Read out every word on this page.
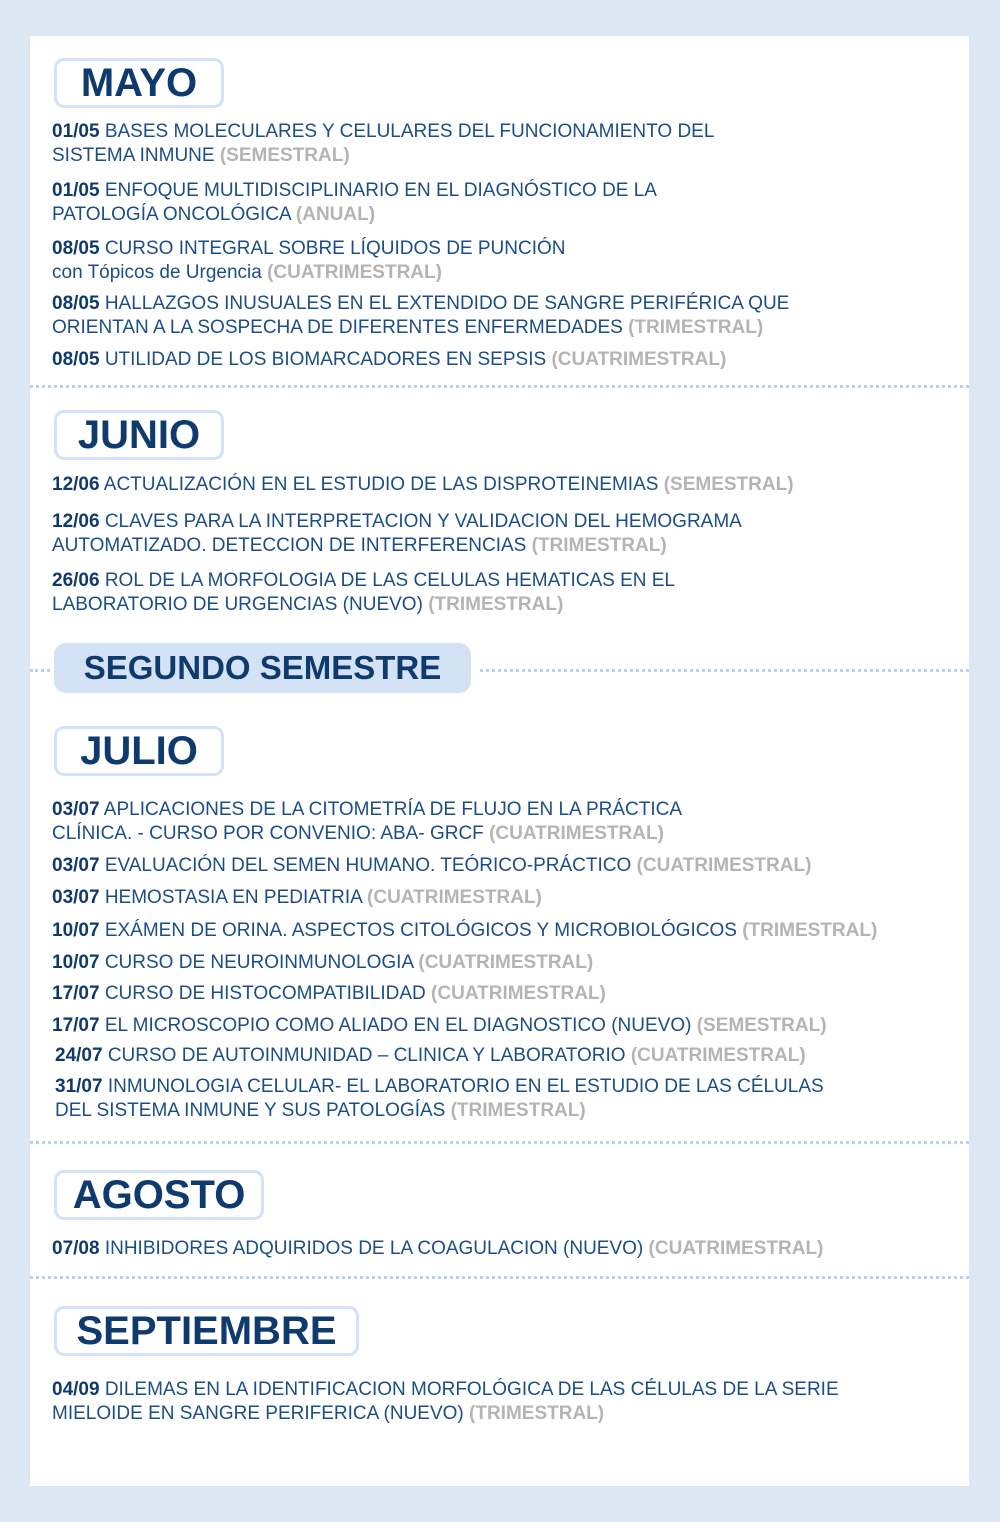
MAYO
01/05 BASES MOLECULARES Y CELULARES DEL FUNCIONAMIENTO DEL
SISTEMA INMUNE (SEMESTRAL)
01/05 ENFOQUE MULTIDISCIPLINARIO EN EL DIAGNÓSTICO DE LA
PATOLOGÍA ONCOLÓGICA (ANUAL)
08/05 CURSO INTEGRAL SOBRE LÍQUIDOS DE PUNCIÓN
con Tópicos de Urgencia (CUATRIMESTRAL)
08/05 HALLAZGOS INUSUALES EN EL EXTENDIDO DE SANGRE PERIFÉRICA QUE
ORIENTAN A LA SOSPECHA DE DIFERENTES ENFERMEDADES (TRIMESTRAL)
08/05 UTILIDAD DE LOS BIOMARCADORES EN SEPSIS (CUATRIMESTRAL)
JUNIO
12/06 ACTUALIZACIÓN EN EL ESTUDIO DE LAS DISPROTEINEMIAS (SEMESTRAL)
12/06 CLAVES PARA LA INTERPRETACION Y VALIDACION DEL HEMOGRAMA
AUTOMATIZADO. DETECCION DE INTERFERENCIAS (TRIMESTRAL)
26/06 ROL DE LA MORFOLOGIA DE LAS CELULAS HEMATICAS EN EL
LABORATORIO DE URGENCIAS (NUEVO) (TRIMESTRAL)
SEGUNDO SEMESTRE
JULIO
03/07 APLICACIONES DE LA CITOMETRÍA DE FLUJO EN LA PRÁCTICA
CLÍNICA. - CURSO POR CONVENIO: ABA- GRCF (CUATRIMESTRAL)
03/07 EVALUACIÓN DEL SEMEN HUMANO. TEÓRICO-PRÁCTICO (CUATRIMESTRAL)
03/07 HEMOSTASIA EN PEDIATRIA (CUATRIMESTRAL)
10/07 EXÁMEN DE ORINA. ASPECTOS CITOLÓGICOS Y MICROBIOLÓGICOS (TRIMESTRAL)
10/07 CURSO DE NEUROINMUNOLOGIA (CUATRIMESTRAL)
17/07 CURSO DE HISTOCOMPATIBILIDAD (CUATRIMESTRAL)
17/07 EL MICROSCOPIO COMO ALIADO EN EL DIAGNOSTICO (NUEVO) (SEMESTRAL)
24/07 CURSO DE AUTOINMUNIDAD – CLINICA Y LABORATORIO (CUATRIMESTRAL)
31/07 INMUNOLOGIA CELULAR- EL LABORATORIO EN EL ESTUDIO DE LAS CÉLULAS
DEL SISTEMA INMUNE Y SUS PATOLOGÍAS (TRIMESTRAL)
AGOSTO
07/08 INHIBIDORES ADQUIRIDOS DE LA COAGULACION (NUEVO) (CUATRIMESTRAL)
SEPTIEMBRE
04/09 DILEMAS EN LA IDENTIFICACION MORFOLÓGICA DE LAS CÉLULAS DE LA SERIE
MIELOIDE EN SANGRE PERIFERICA (NUEVO) (TRIMESTRAL)
